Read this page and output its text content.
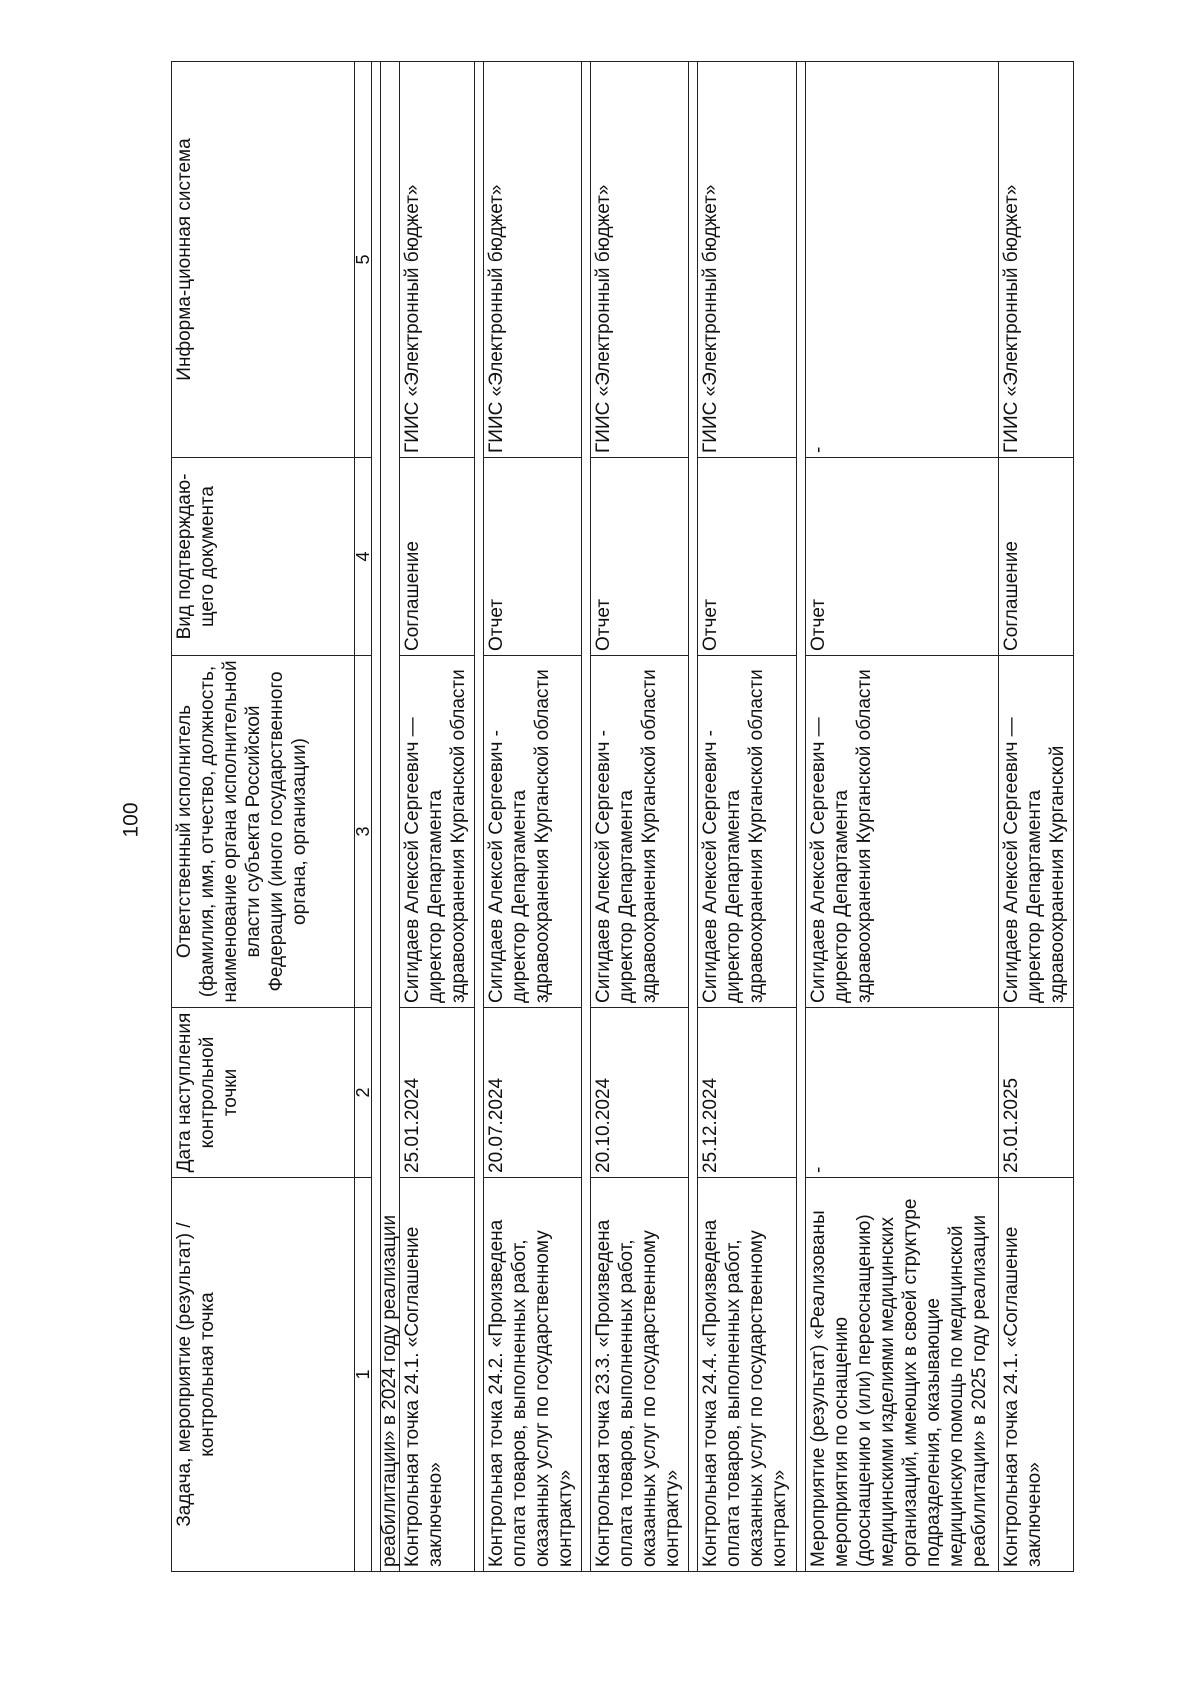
100
Задача, мероприятие (результат) / контрольная точка	Дата наступления контрольной точки	Ответственный исполнитель (фамилия, имя, отчество, должность, наименование органа исполнительной власти субъекта Российской Федерации (иного государственного органа, организации)	Вид подтверждаю-щего документа	Информа-ционная система
1	2	3	4	5

реабилитации» в 2024 году реализации				
Контрольная точка 24.1. «Соглашение заключено»	25.01.2024	Сигидаев Алексей Сергеевич — директор Департамента здравоохранения Курганской области	Соглашение	ГИИС «Электронный бюджет»

Контрольная точка 24.2. «Произведена оплата товаров, выполненных работ, оказанных услуг по государственному контракту»	20.07.2024	Сигидаев Алексей Сергеевич - директор Департамента здравоохранения Курганской области	Отчет	ГИИС «Электронный бюджет»

Контрольная точка 23.3. «Произведена оплата товаров, выполненных работ, оказанных услуг по государственному контракту»	20.10.2024	Сигидаев Алексей Сергеевич - директор Департамента здравоохранения Курганской области	Отчет	ГИИС «Электронный бюджет»

Контрольная точка 24.4. «Произведена оплата товаров, выполненных работ, оказанных услуг по государственному контракту»	25.12.2024	Сигидаев Алексей Сергеевич - директор Департамента здравоохранения Курганской области	Отчет	ГИИС «Электронный бюджет»

Мероприятие (результат) «Реализованы мероприятия по оснащению (дооснащению и (или) переоснащению) медицинскими изделиями медицинских организаций, имеющих в своей структуре подразделения, оказывающие медицинскую помощь по медицинской реабилитации» в 2025 году реализации	-	Сигидаев Алексей Сергеевич — директор Департамента здравоохранения Курганской области	Отчет	-
Контрольная точка 24.1. «Соглашение заключено»	25.01.2025	Сигидаев Алексей Сергеевич — директор Департамента здравоохранения Курганской	Соглашение	ГИИС «Электронный бюджет»
